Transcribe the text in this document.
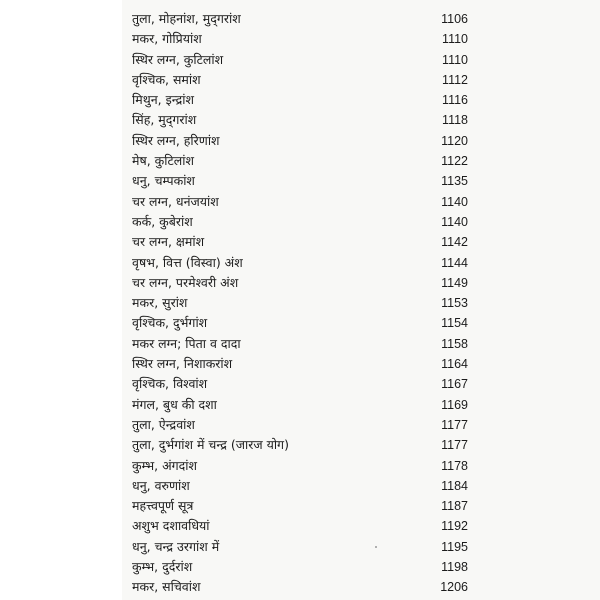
तुला, मोहनांश, मुद्‌गरांश	1106
मकर, गोप्रियांश	1110
स्थिर लग्न, कुटिलांश	1110
वृश्चिक, समांश	1112
मिथुन, इन्द्रांश	1116
सिंह, मुद्‌गरांश	1118
स्थिर लग्न, हरिणांश	1120
मेष, कुटिलांश	1122
धनु, चम्पकांश	1135
चर लग्न, धनंजयांश	1140
कर्क, कुबेरांश	1140
चर लग्न, क्षमांश	1142
वृषभ, वित्त (विस्वा) अंश	1144
चर लग्न, परमेश्वरी अंश	1149
मकर, सुरांश	1153
वृश्चिक, दुर्भगांश	1154
मकर लग्न; पिता व दादा	1158
स्थिर लग्न, निशाकरांश	1164
वृश्चिक, विश्वांश	1167
मंगल, बुध की दशा	1169
तुला, ऐन्द्रवांश	1177
तुला, दुर्भगांश में चन्द्र (जारज योग)	1177
कुम्भ, अंगदांश	1178
धनु, वरुणांश	1184
महत्त्वपूर्ण सूत्र	1187
अशुभ दशावधियां	1192
धनु, चन्द्र उरगांश में	1195
कुम्भ, दुर्दरांश	1198
मकर, सचिवांश	1206
